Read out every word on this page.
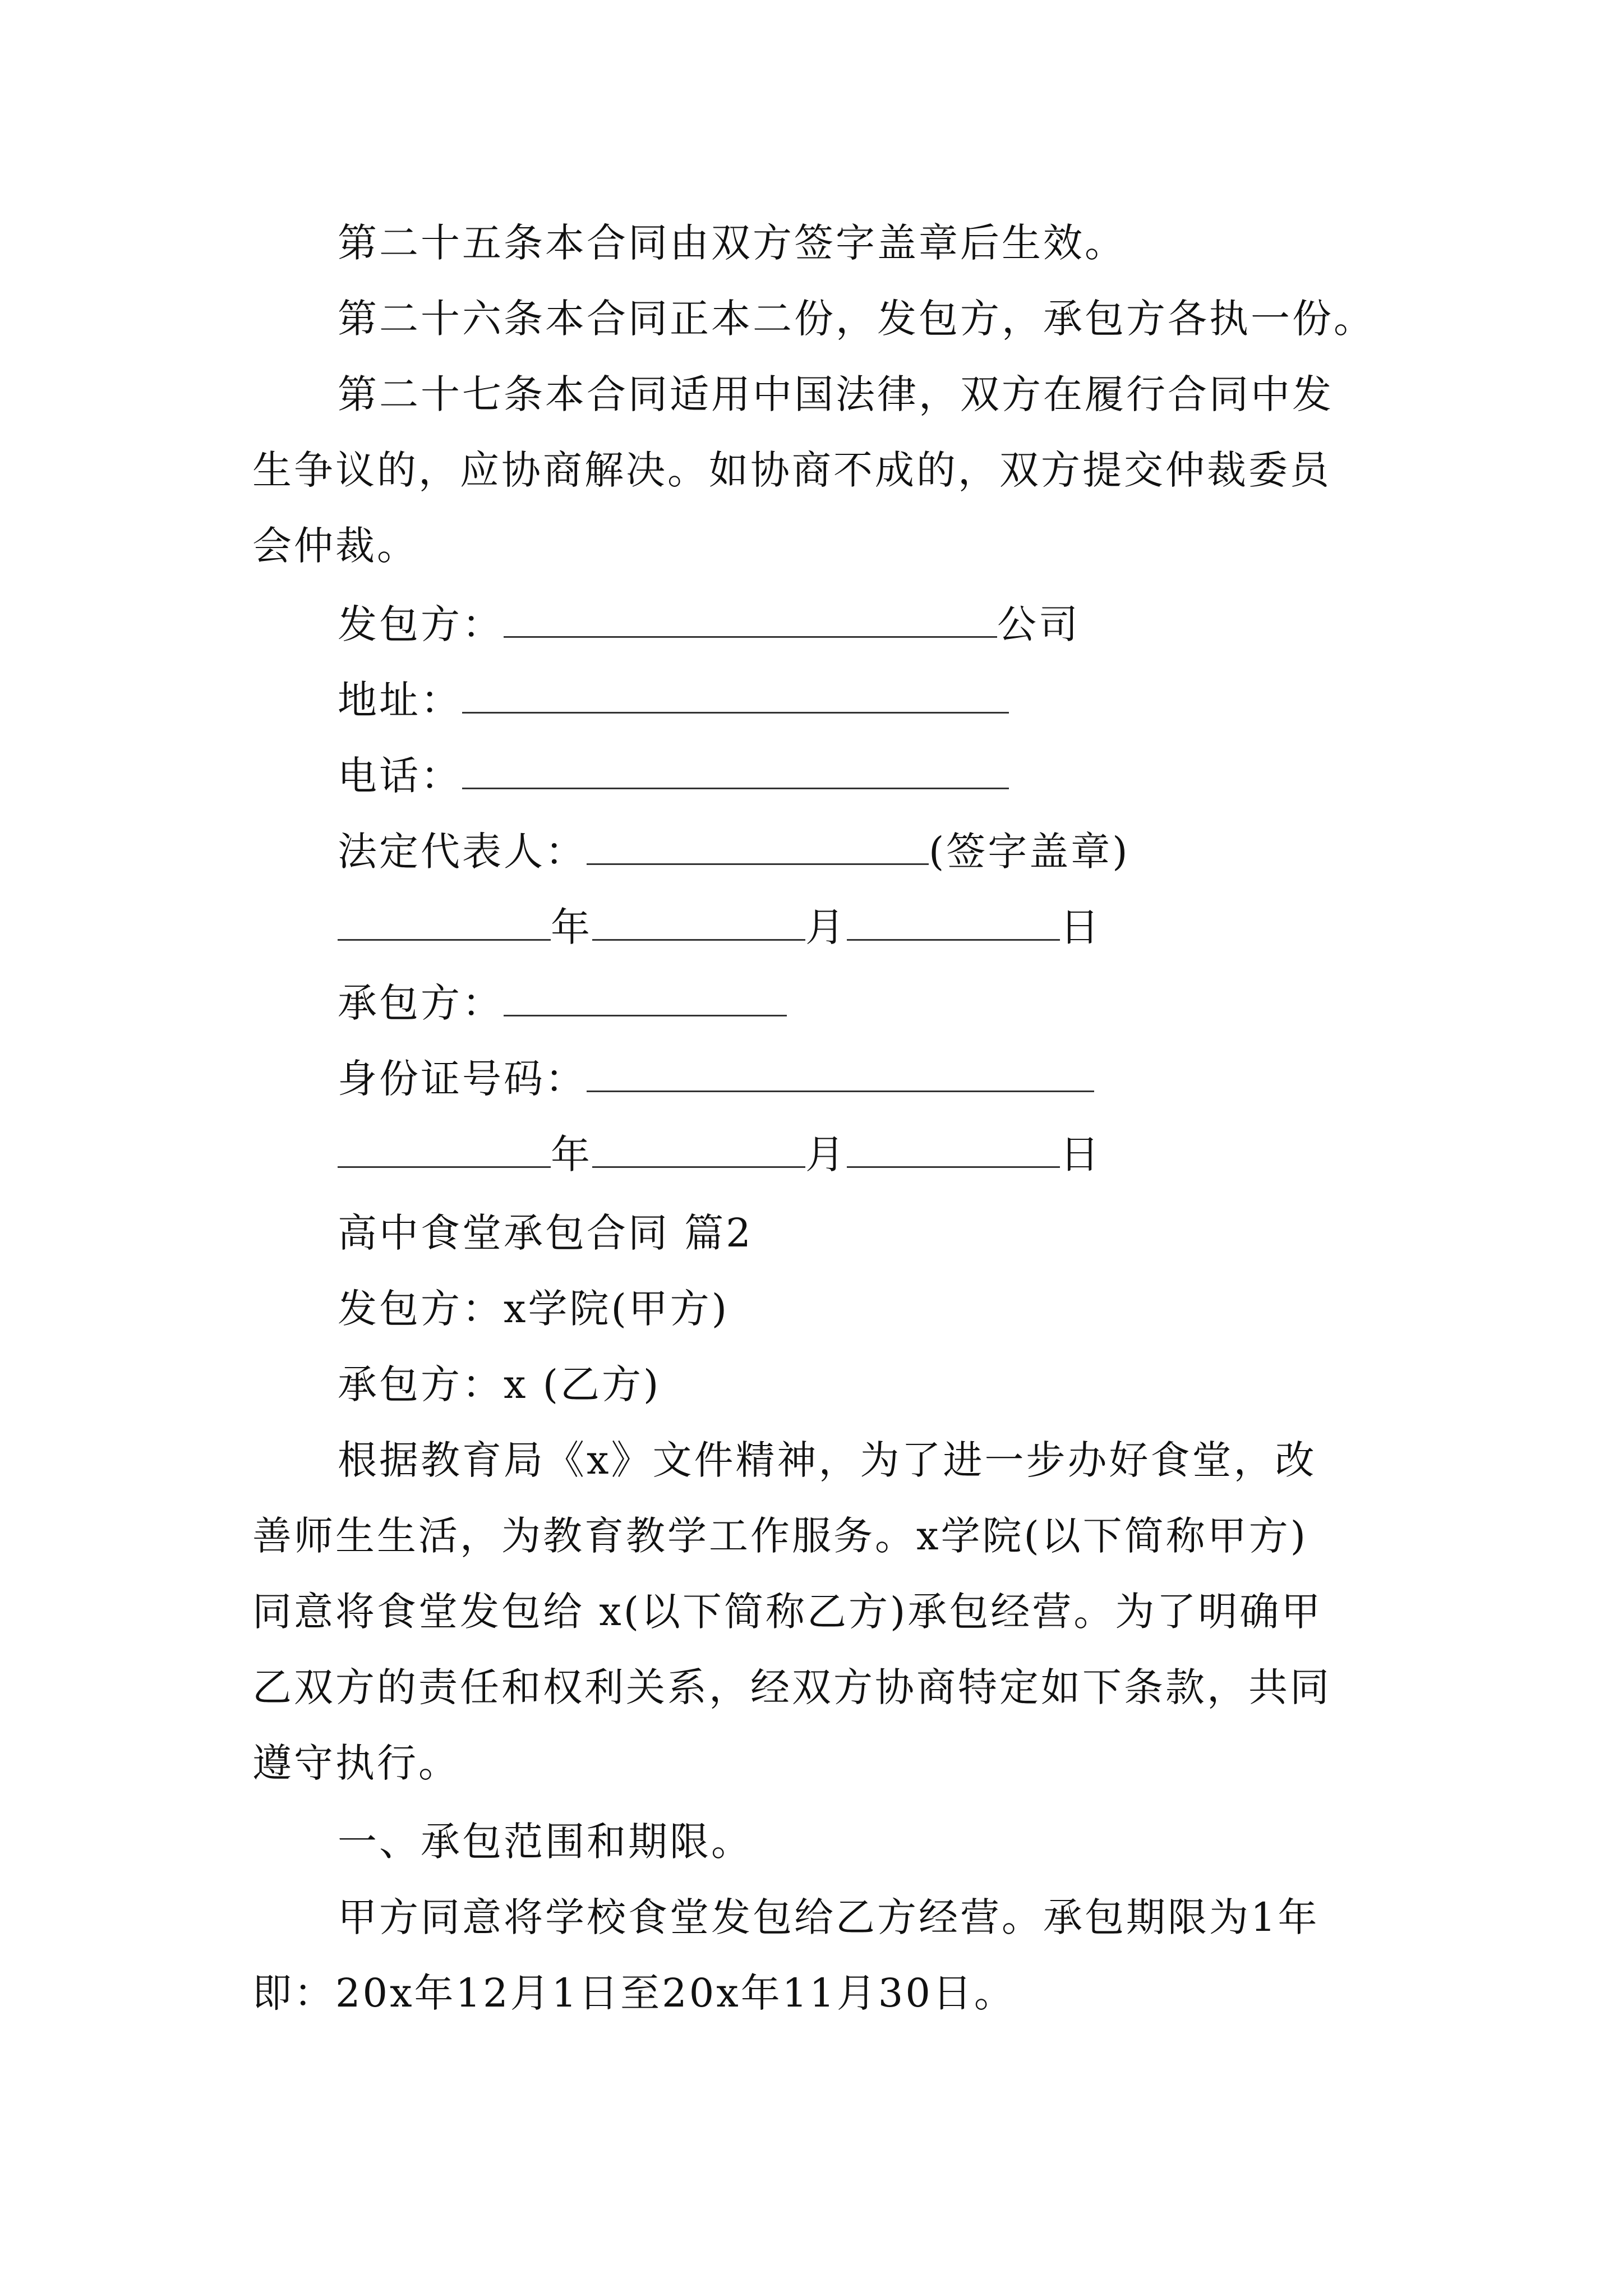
第二十五条本合同由双方签字盖章后生效。
第二十六条本合同正本二份，发包方，承包方各执一份。
第二十七条本合同适用中国法律，双方在履行合同中发
生争议的，应协商解决。如协商不成的，双方提交仲裁委员
会仲裁。
发包方：	公司
地址：
电话：
法定代表人：	(签字盖章)
年	月	日
承包方：
身份证号码：
年	月	日
高中食堂承包合同 篇2
发包方：x学院(甲方)
承包方：x (乙方)
根据教育局《x》文件精神，为了进一步办好食堂，改
善师生生活，为教育教学工作服务。x学院(以下简称甲方)
同意将食堂发包给 x(以下简称乙方)承包经营。为了明确甲
乙双方的责任和权利关系，经双方协商特定如下条款，共同
遵守执行。
一、承包范围和期限。
甲方同意将学校食堂发包给乙方经营。承包期限为1年
即：20x年12月1日至20x年11月30日。
